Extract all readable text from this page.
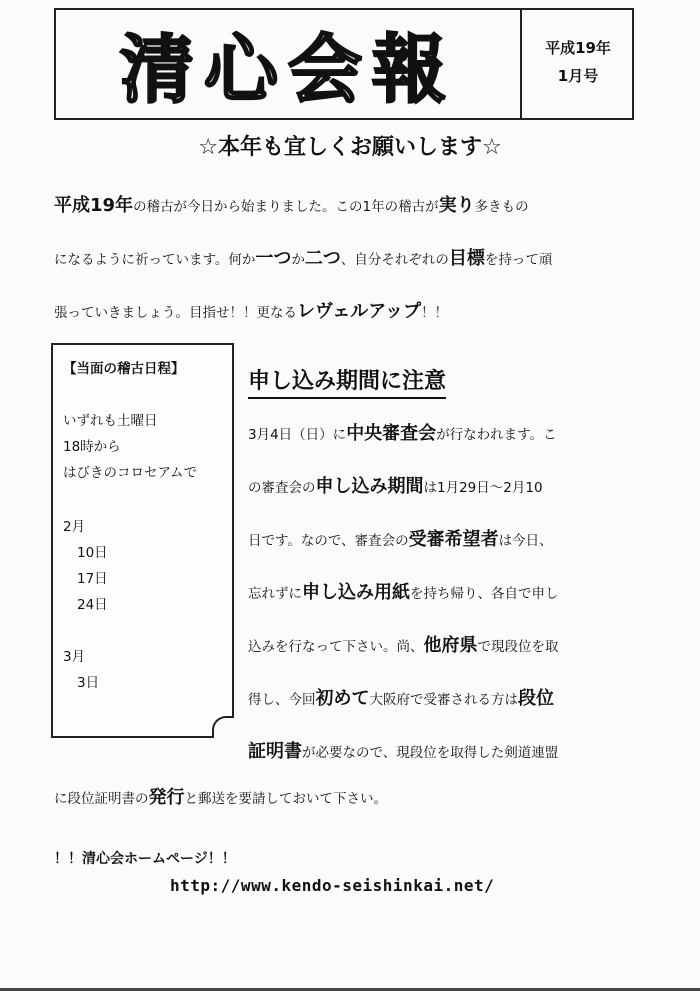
清心会報	平成19年
1月号
☆本年も宜しくお願いします☆

平成19年の稽古が今日から始まりました。この1年の稽古が実り多きもの

になるように祈っています。何か一つか二つ、自分それぞれの目標を持って頑

張っていきましょう。目指せ！！更なるレヴェルアップ！！

【当面の稽古日程】
いずれも土曜日
18時から
はびきのコロセアムで
2月
10日
17日
24日
3月
3日
申し込み期間に注意

3月4日（日）に中央審査会が行なわれます。こ

の審査会の申し込み期間は1月29日～2月10

日です。なので、審査会の受審希望者は今日、

忘れずに申し込み用紙を持ち帰り、各自で申し

込みを行なって下さい。尚、他府県で現段位を取

得し、今回初めて大阪府で受審される方は段位

証明書が必要なので、現段位を取得した剣道連盟

に段位証明書の発行と郵送を要請しておいて下さい。

！！清心会ホームページ！！
http://www.kendo-seishinkai.net/
